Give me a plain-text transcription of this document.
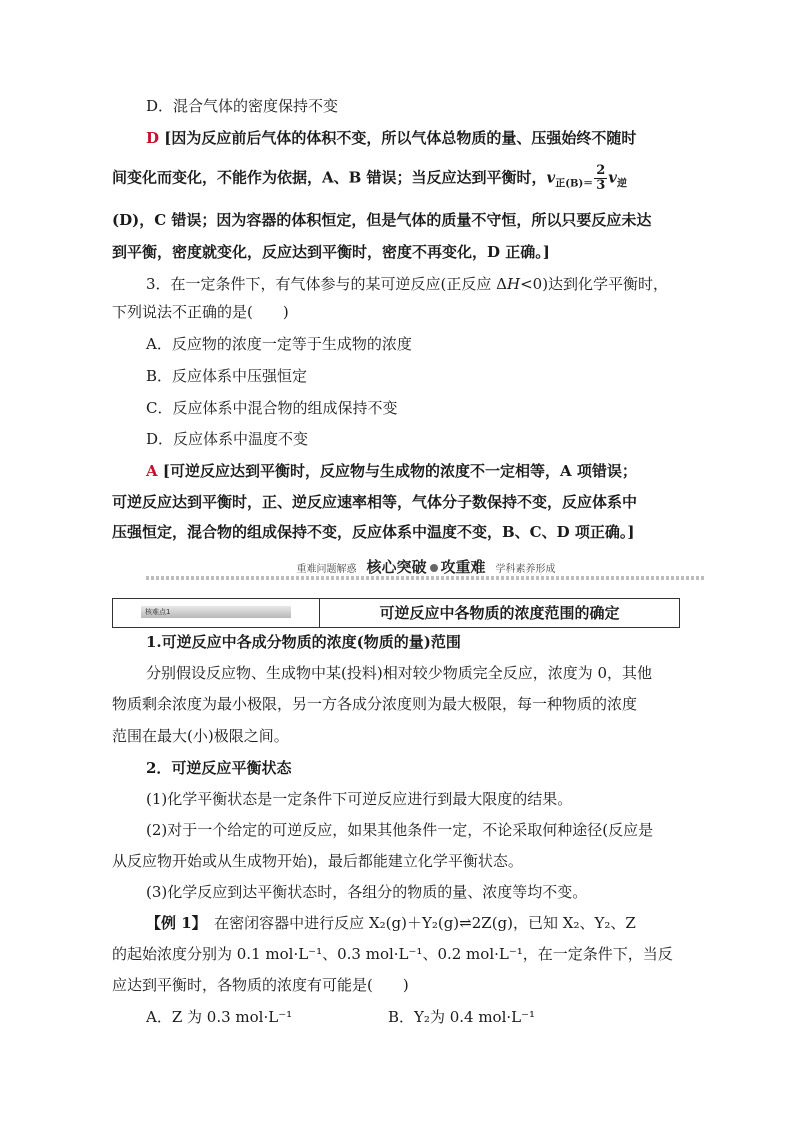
D．混合气体的密度保持不变
D [因为反应前后气体的体积不变，所以气体总物质的量、压强始终不随时
间变化而变化，不能作为依据，A、B 错误；当反应达到平衡时，$v_{正(B)=} \frac{2}{3} v_逆$
(D)，C 错误；因为容器的体积恒定，但是气体的质量不守恒，所以只要反应未达
到平衡，密度就变化，反应达到平衡时，密度不再变化，D 正确。]
3．在一定条件下，有气体参与的某可逆反应(正反应 ΔH<0)达到化学平衡时，
下列说法不正确的是(　　)
A．反应物的浓度一定等于生成物的浓度
B．反应体系中压强恒定
C．反应体系中混合物的组成保持不变
D．反应体系中温度不变
A [可逆反应达到平衡时，反应物与生成物的浓度不一定相等，A 项错误；
可逆反应达到平衡时，正、逆反应速率相等，气体分子数保持不变，反应体系中
压强恒定，混合物的组成保持不变，反应体系中温度不变，B、C、D 项正确。]
重难问题解惑 核心突破 攻重难 学科素养形成
核难点1	可逆反应中各物质的浓度范围的确定
1.可逆反应中各成分物质的浓度(物质的量)范围
分别假设反应物、生成物中某(投料)相对较少物质完全反应，浓度为 0，其他
物质剩余浓度为最小极限，另一方各成分浓度则为最大极限，每一种物质的浓度
范围在最大(小)极限之间。
2．可逆反应平衡状态
(1)化学平衡状态是一定条件下可逆反应进行到最大限度的结果。
(2)对于一个给定的可逆反应，如果其他条件一定，不论采取何种途径(反应是
从反应物开始或从生成物开始)，最后都能建立化学平衡状态。
(3)化学反应到达平衡状态时，各组分的物质的量、浓度等均不变。
【例 1】　在密闭容器中进行反应 X₂(g)＋Y₂(g)⇌2Z(g)，已知 X₂、Y₂、Z
的起始浓度分别为 0.1 mol·L⁻¹、0.3 mol·L⁻¹、0.2 mol·L⁻¹，在一定条件下，当反
应达到平衡时，各物质的浓度有可能是(　　)
A．Z 为 0.3 mol·L⁻¹	B．Y₂为 0.4 mol·L⁻¹
